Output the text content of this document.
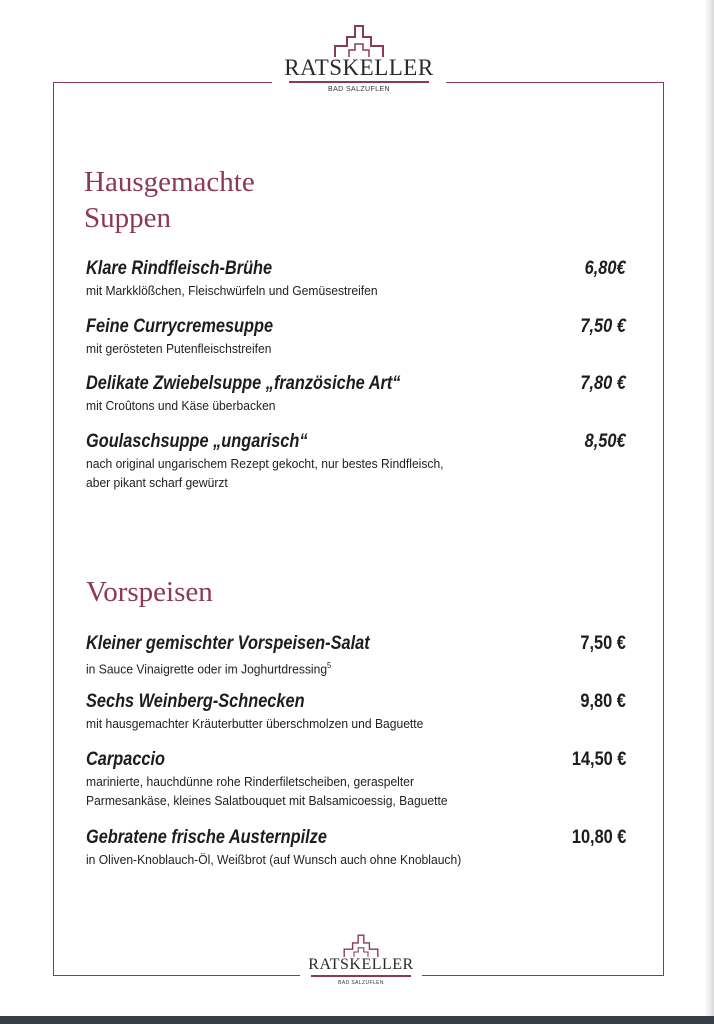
RATSKELLER
BAD SALZUFLEN
Hausgemachte
Suppen
Klare Rindfleisch-Brühe	6,80€
mit Markklößchen, Fleischwürfeln und Gemüsestreifen
Feine Currycremesuppe	7,50 €
mit gerösteten Putenfleischstreifen
Delikate Zwiebelsuppe „französiche Art“	7,80 €
mit Croûtons und Käse überbacken
Goulaschsuppe „ungarisch“	8,50€
nach original ungarischem Rezept gekocht, nur bestes Rindfleisch,
aber pikant scharf gewürzt
Vorspeisen
Kleiner gemischter Vorspeisen-Salat	7,50 €
in Sauce Vinaigrette oder im Joghurtdressing$^5$
Sechs Weinberg-Schnecken	9,80 €
mit hausgemachter Kräuterbutter überschmolzen und Baguette
Carpaccio	14,50 €
marinierte, hauchdünne rohe Rinderfiletscheiben, geraspelter
Parmesankäse, kleines Salatbouquet mit Balsamicoessig, Baguette
Gebratene frische Austernpilze	10,80 €
in Oliven-Knoblauch-Öl, Weißbrot (auf Wunsch auch ohne Knoblauch)
RATSKELLER
BAD SALZUFLEN
